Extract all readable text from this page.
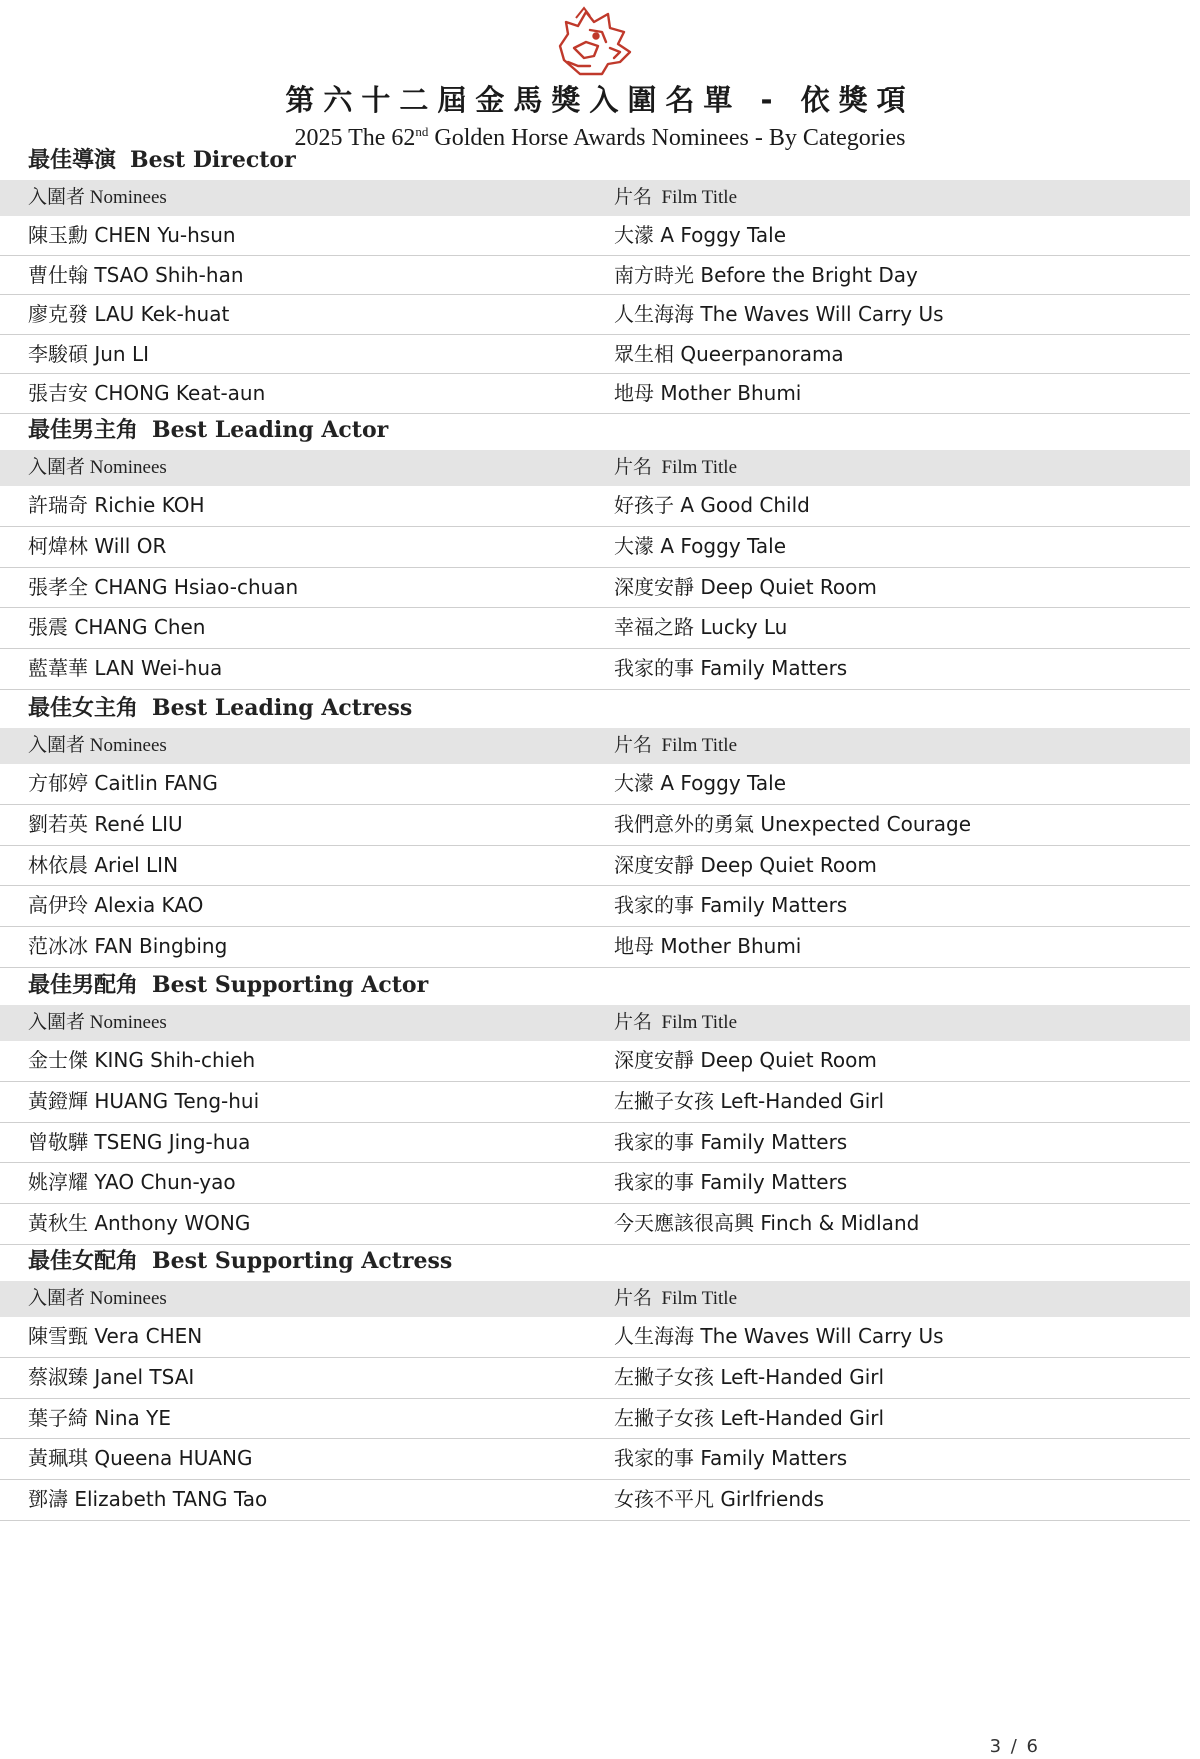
第六十二屆金馬獎入圍名單 - 依獎項
2025 The 62nd Golden Horse Awards Nominees - By Categories
最佳導演 Best Director
入圍者 Nominees	片名  Film Title
陳玉勳 CHEN Yu-hsun	大濛 A Foggy Tale
曹仕翰 TSAO Shih-han	南方時光 Before the Bright Day
廖克發 LAU Kek-huat	人生海海 The Waves Will Carry Us
李駿碩 Jun LI	眾生相 Queerpanorama
張吉安 CHONG Keat-aun	地母 Mother Bhumi
最佳男主角 Best Leading Actor
入圍者 Nominees	片名  Film Title
許瑞奇 Richie KOH	好孩子 A Good Child
柯煒林 Will OR	大濛 A Foggy Tale
張孝全 CHANG Hsiao-chuan	深度安靜 Deep Quiet Room
張震 CHANG Chen	幸福之路 Lucky Lu
藍葦華 LAN Wei-hua	我家的事 Family Matters
最佳女主角 Best Leading Actress
入圍者 Nominees	片名  Film Title
方郁婷 Caitlin FANG	大濛 A Foggy Tale
劉若英 René LIU	我們意外的勇氣 Unexpected Courage
林依晨 Ariel LIN	深度安靜 Deep Quiet Room
高伊玲 Alexia KAO	我家的事 Family Matters
范冰冰 FAN Bingbing	地母 Mother Bhumi
最佳男配角 Best Supporting Actor
入圍者 Nominees	片名  Film Title
金士傑 KING Shih-chieh	深度安靜 Deep Quiet Room
黃鐙輝 HUANG Teng-hui	左撇子女孩 Left-Handed Girl
曾敬驊 TSENG Jing-hua	我家的事 Family Matters
姚淳耀 YAO Chun-yao	我家的事 Family Matters
黃秋生 Anthony WONG	今天應該很高興 Finch & Midland
最佳女配角 Best Supporting Actress
入圍者 Nominees	片名  Film Title
陳雪甄 Vera CHEN	人生海海 The Waves Will Carry Us
蔡淑臻 Janel TSAI	左撇子女孩 Left-Handed Girl
葉子綺 Nina YE	左撇子女孩 Left-Handed Girl
黃珮琪 Queena HUANG	我家的事 Family Matters
鄧濤 Elizabeth TANG Tao	女孩不平凡 Girlfriends
3 / 6
